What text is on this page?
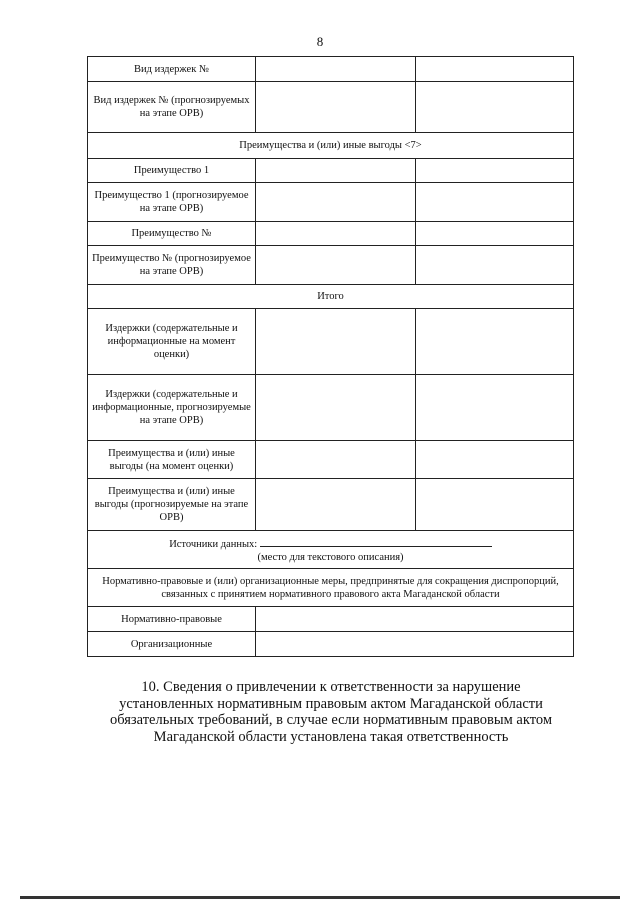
8
Вид издержек №		
Вид издержек № (прогнозируемых на этапе ОРВ)		
Преимущества и (или) иные выгоды <7>		
Преимущество 1		
Преимущество 1 (прогнозируемое на этапе ОРВ)		
Преимущество №		
Преимущество № (прогнозируемое на этапе ОРВ)		
Итого		
Издержки (содержательные и информационные на момент оценки)		
Издержки (содержательные и информационные, прогнозируемые на этапе ОРВ)		
Преимущества и (или) иные выгоды (на момент оценки)		
Преимущества и (или) иные выгоды (прогнозируемые на этапе ОРВ)		
Источники данных:
(место для текстового описания)		
Нормативно-правовые и (или) организационные меры, предпринятые для сокращения диспропорций, связанных с принятием нормативного правового акта Магаданской области		
Нормативно-правовые		
Организационные		
10. Сведения о привлечении к ответственности за нарушение установленных нормативным правовым актом Магаданской области обязательных требований, в случае если нормативным правовым актом Магаданской области установлена такая ответственность
